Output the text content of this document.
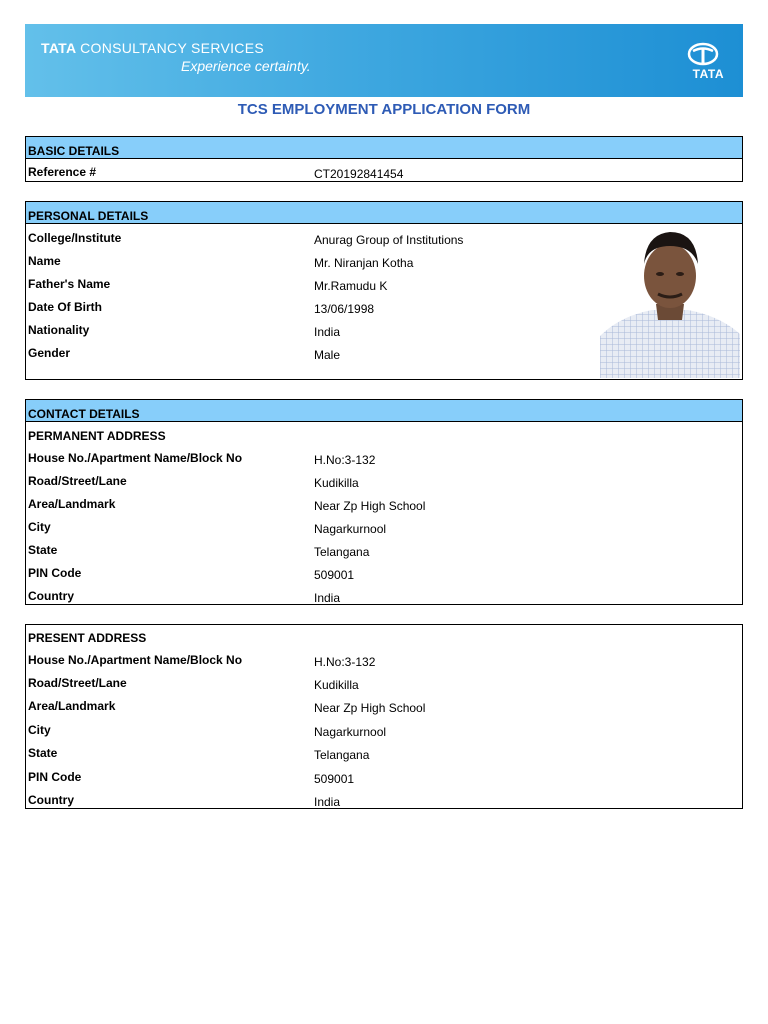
TATA CONSULTANCY SERVICES
Experience certainty.	TATA
TCS EMPLOYMENT APPLICATION FORM
BASIC DETAILS
Reference #	CT20192841454
PERSONAL DETAILS
College/Institute	Anurag Group of Institutions
Name	Mr. Niranjan Kotha
Father's Name	Mr.Ramudu K
Date Of Birth	13/06/1998
Nationality	India
Gender	Male
CONTACT DETAILS
PERMANENT ADDRESS
House No./Apartment Name/Block No	H.No:3-132
Road/Street/Lane	Kudikilla
Area/Landmark	Near Zp High School
City	Nagarkurnool
State	Telangana
PIN Code	509001
Country	India
PRESENT ADDRESS
House No./Apartment Name/Block No	H.No:3-132
Road/Street/Lane	Kudikilla
Area/Landmark	Near Zp High School
City	Nagarkurnool
State	Telangana
PIN Code	509001
Country	India
